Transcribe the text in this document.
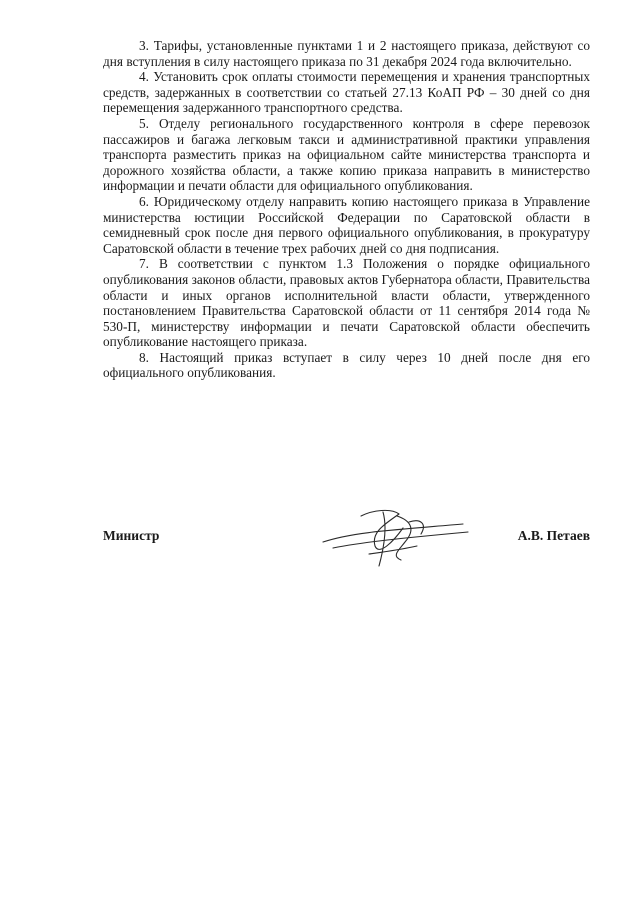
3. Тарифы, установленные пунктами 1 и 2 настоящего приказа, действуют со дня вступления в силу настоящего приказа по 31 декабря 2024 года включительно.

4. Установить срок оплаты стоимости перемещения и хранения транспортных средств, задержанных в соответствии со статьей 27.13 КоАП РФ – 30 дней со дня перемещения задержанного транспортного средства.

5. Отделу регионального государственного контроля в сфере перевозок пассажиров и багажа легковым такси и административной практики управления транспорта разместить приказ на официальном сайте министерства транспорта и дорожного хозяйства области, а также копию приказа направить в министерство информации и печати области для официального опубликования.

6. Юридическому отделу направить копию настоящего приказа в Управление министерства юстиции Российской Федерации по Саратовской области в семидневный срок после дня первого официального опубликования, в прокуратуру Саратовской области в течение трех рабочих дней со дня подписания.

7. В соответствии с пунктом 1.3 Положения о порядке официального опубликования законов области, правовых актов Губернатора области, Правительства области и иных органов исполнительной власти области, утвержденного постановлением Правительства Саратовской области от 11 сентября 2014 года № 530-П, министерству информации и печати Саратовской области обеспечить опубликование настоящего приказа.

8. Настоящий приказ вступает в силу через 10 дней после дня его официального опубликования.

Министр	А.В. Петаев
